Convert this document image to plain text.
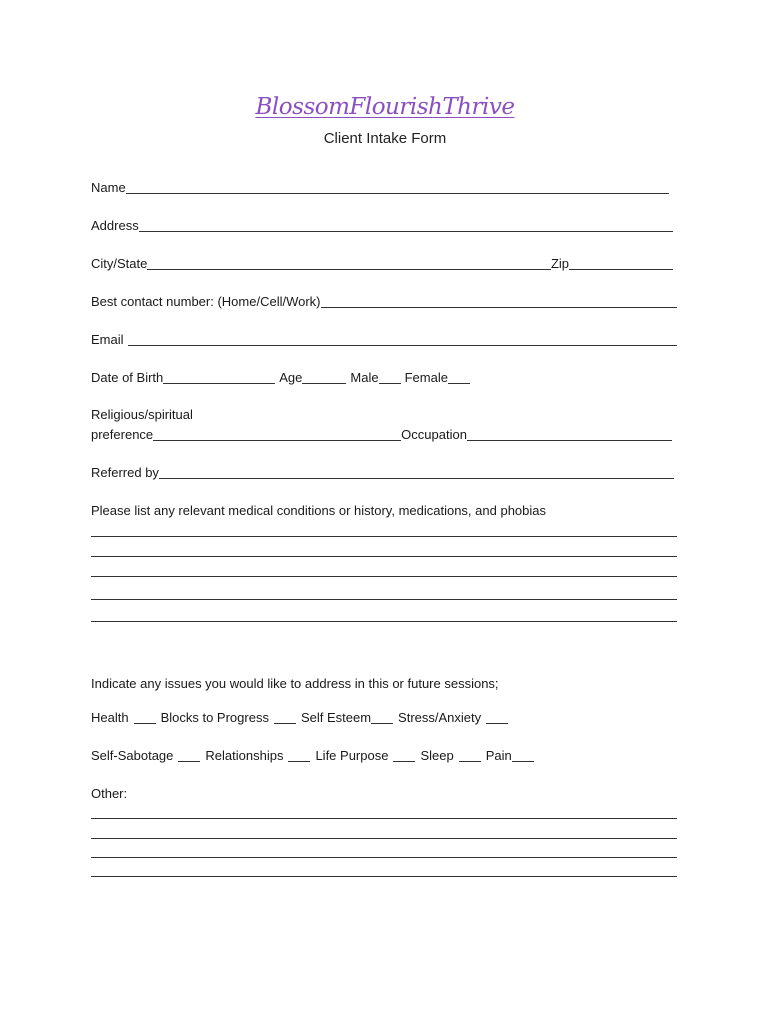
BlossomFlourishThrive
Client Intake Form
Name
Address
City/State	Zip
Best contact number: (Home/Cell/Work)
Email
Date of Birth	Age	Male Female
Religious/spiritual
preference	Occupation
Referred by
Please list any relevant medical conditions or history, medications, and phobias
Indicate any issues you would like to address in this or future sessions;
Health Blocks to Progress Self Esteem Stress/Anxiety
Self-Sabotage Relationships Life Purpose Sleep Pain
Other:
